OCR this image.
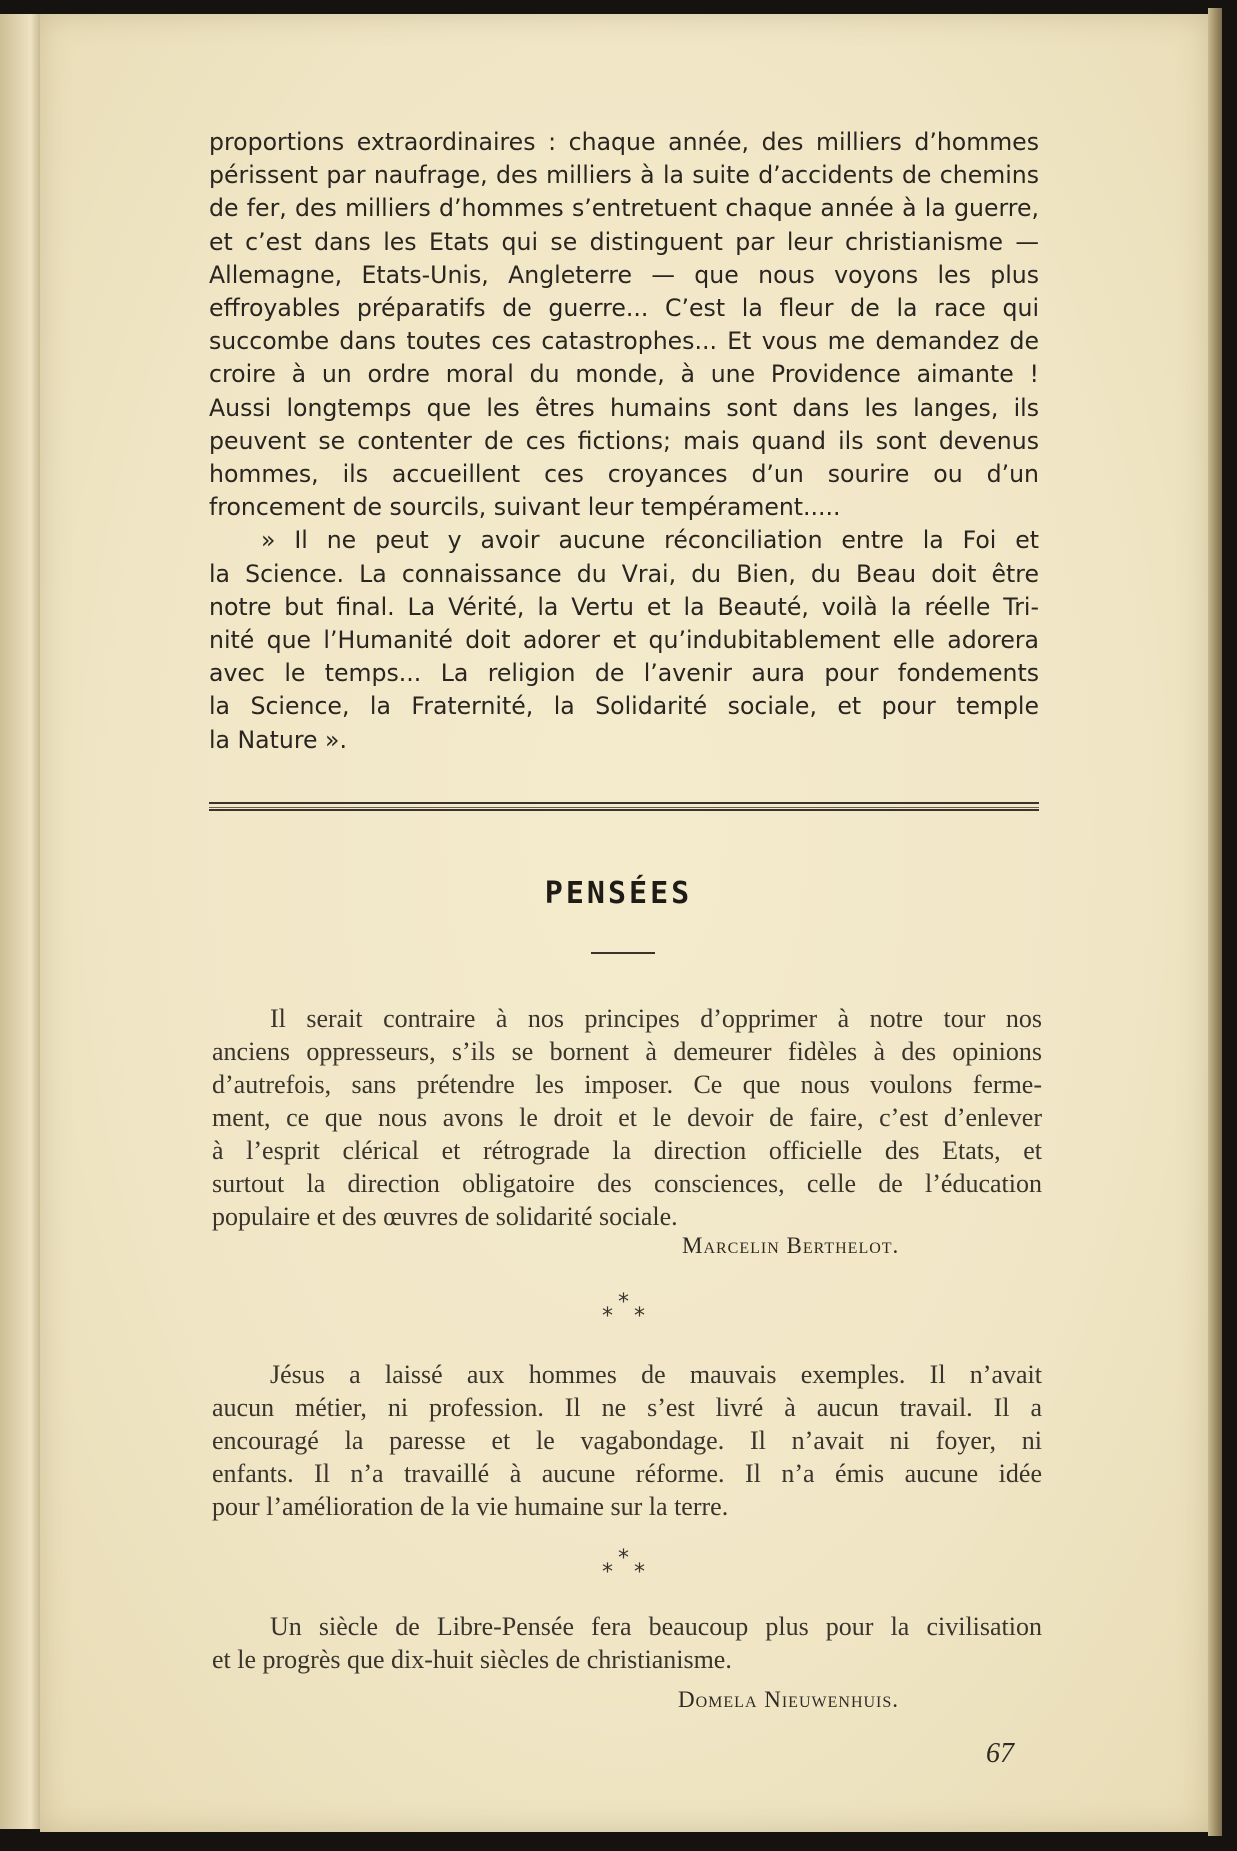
proportions extraordinaires : chaque année, des milliers d’hommes

périssent par naufrage, des milliers à la suite d’accidents de chemins

de fer, des milliers d’hommes s’entretuent chaque année à la guerre,

et c’est dans les Etats qui se distinguent par leur christianisme —

Allemagne, Etats-Unis, Angleterre — que nous voyons les plus

effroyables préparatifs de guerre... C’est la fleur de la race qui

succombe dans toutes ces catastrophes... Et vous me demandez de

croire à un ordre moral du monde, à une Providence aimante !

Aussi longtemps que les êtres humains sont dans les langes, ils

peuvent se contenter de ces fictions; mais quand ils sont devenus

hommes, ils accueillent ces croyances d’un sourire ou d’un

froncement de sourcils, suivant leur tempérament.....

» Il ne peut y avoir aucune réconciliation entre la Foi et

la Science. La connaissance du Vrai, du Bien, du Beau doit être

notre but final. La Vérité, la Vertu et la Beauté, voilà la réelle Tri-

nité que l’Humanité doit adorer et qu’indubitablement elle adorera

avec le temps... La religion de l’avenir aura pour fondements

la Science, la Fraternité, la Solidarité sociale, et pour temple

la Nature ».

PENSÉES

Il serait contraire à nos principes d’opprimer à notre tour nos

anciens oppresseurs, s’ils se bornent à demeurer fidèles à des opinions

d’autrefois, sans prétendre les imposer. Ce que nous voulons ferme-

ment, ce que nous avons le droit et le devoir de faire, c’est d’enlever

à l’esprit clérical et rétrograde la direction officielle des Etats, et

surtout la direction obligatoire des consciences, celle de l’éducation

populaire et des œuvres de solidarité sociale.

Marcelin Berthelot.
*
* *

Jésus a laissé aux hommes de mauvais exemples. Il n’avait

aucun métier, ni profession. Il ne s’est livré à aucun travail. Il a

encouragé la paresse et le vagabondage. Il n’avait ni foyer, ni

enfants. Il n’a travaillé à aucune réforme. Il n’a émis aucune idée

pour l’amélioration de la vie humaine sur la terre.

*
* *

Un siècle de Libre-Pensée fera beaucoup plus pour la civilisation

et le progrès que dix-huit siècles de christianisme.

Domela Nieuwenhuis.
67
